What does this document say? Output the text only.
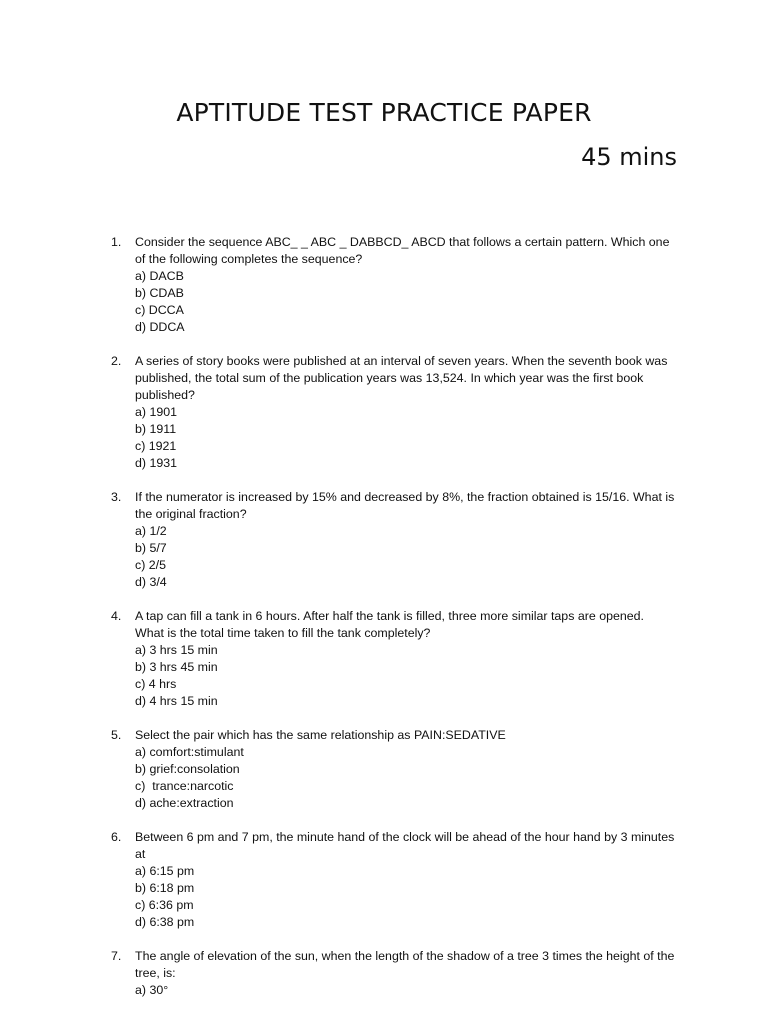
APTITUDE TEST PRACTICE PAPER
45 mins
1.	Consider the sequence ABC_ _ ABC _ DABBCD_ ABCD that follows a certain pattern. Which one of the following completes the sequence?
a) DACB
b) CDAB
c) DCCA
d) DDCA
2.	A series of story books were published at an interval of seven years. When the seventh book was published, the total sum of the publication years was 13,524. In which year was the first book published?
a) 1901
b) 1911
c) 1921
d) 1931
3.	If the numerator is increased by 15% and decreased by 8%, the fraction obtained is 15/16. What is the original fraction?
a) 1/2
b) 5/7
c) 2/5
d) 3/4
4.	A tap can fill a tank in 6 hours. After half the tank is filled, three more similar taps are opened. What is the total time taken to fill the tank completely?
a) 3 hrs 15 min
b) 3 hrs 45 min
c) 4 hrs
d) 4 hrs 15 min
5.	Select the pair which has the same relationship as PAIN:SEDATIVE
a) comfort:stimulant
b) grief:consolation
c)  trance:narcotic
d) ache:extraction
6.	Between 6 pm and 7 pm, the minute hand of the clock will be ahead of the hour hand by 3 minutes at
a) 6:15 pm
b) 6:18 pm
c) 6:36 pm
d) 6:38 pm
7.	The angle of elevation of the sun, when the length of the shadow of a tree 3 times the height of the tree, is:
a) 30°
